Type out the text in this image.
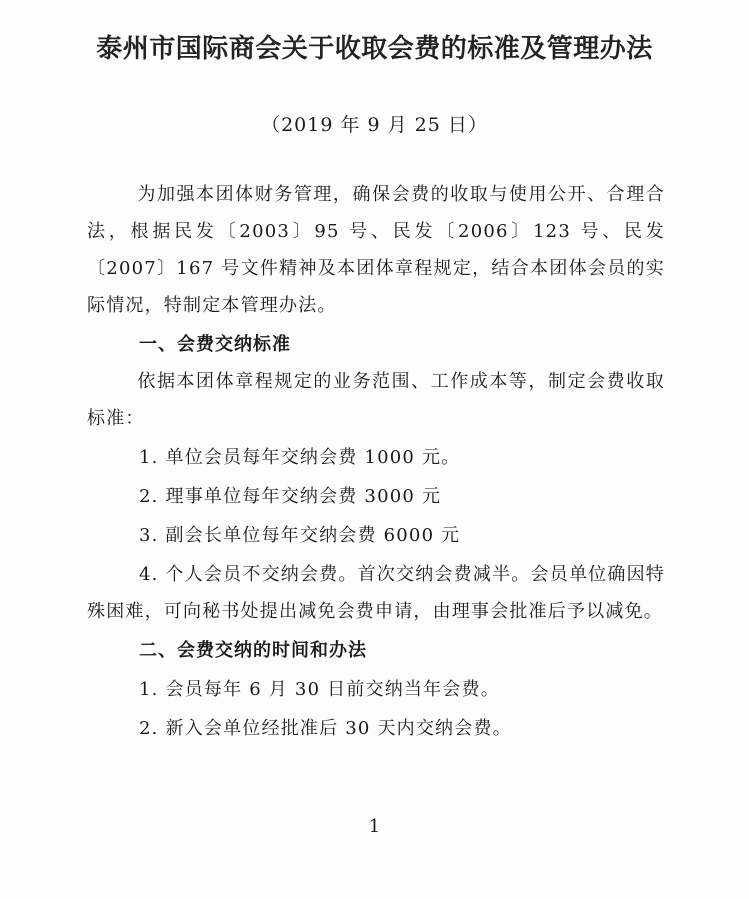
泰州市国际商会关于收取会费的标准及管理办法
（2019 年 9 月 25 日）

为加强本团体财务管理，确保会费的收取与使用公开、合理合法，根据民发〔2003〕95 号、民发〔2006〕123 号、民发〔2007〕167 号文件精神及本团体章程规定，结合本团体会员的实际情况，特制定本管理办法。

一、会费交纳标准

依据本团体章程规定的业务范围、工作成本等，制定会费收取标准：

1. 单位会员每年交纳会费 1000 元。

2. 理事单位每年交纳会费 3000 元

3. 副会长单位每年交纳会费 6000 元

4. 个人会员不交纳会费。首次交纳会费减半。会员单位确因特殊困难，可向秘书处提出减免会费申请，由理事会批准后予以减免。

二、会费交纳的时间和办法

1. 会员每年 6 月 30 日前交纳当年会费。

2. 新入会单位经批准后 30 天内交纳会费。

1
